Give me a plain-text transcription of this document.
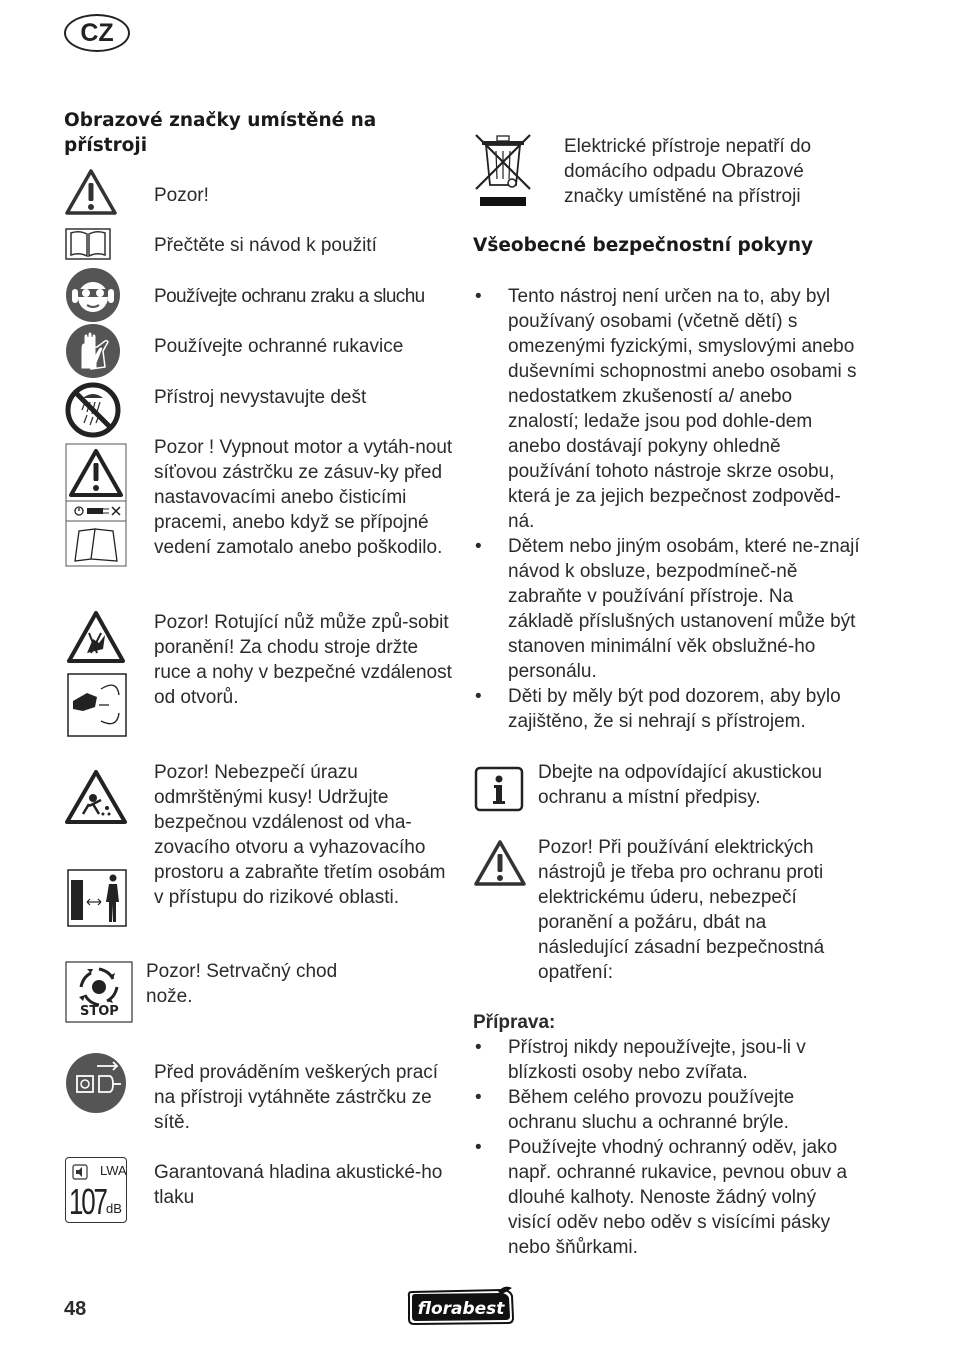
CZ
Obrazové značky umístěné na přístroji
Pozor!
Přečtěte si návod k použití
Používejte ochranu zraku a sluchu
Používejte ochranné rukavice
Přístroj nevystavujte dešt
Pozor ! Vypnout motor a vytáh-nout síťovou zástrčku ze zásuv-ky před nastavovacími anebo čisticími pracemi, anebo když se přípojné vedení zamotalo anebo poškodilo.
Pozor! Rotující nůž může způ-sobit poranění! Za chodu stroje držte ruce a nohy v bezpečné vzdálenost od otvorů.
Pozor! Nebezpečí úrazu odmrštěnými kusy! Udržujte bezpečnou vzdálenost od vha-zovacího otvoru a vyhazovacího prostoru a zabraňte třetím osobám v přístupu do rizikové oblasti.
STOP
Pozor! Setrvačný chod nože.
Před prováděním veškerých prací na přístroji vytáhněte zástrčku ze sítě.
LWA
107 dB
Garantovaná hladina akustické-ho tlaku
Elektrické přístroje nepatří do domácího odpadu Obrazové značky umístěné na přístroji
Všeobecné bezpečnostní pokyny
• Tento nástroj není určen na to, aby byl používaný osobami (včetně dětí) s omezenými fyzickými, smyslovými anebo duševními schopnostmi anebo osobami s nedostatkem zkušeností a/ anebo znalostí; ledaže jsou pod dohle-dem anebo dostávají pokyny ohledně používání tohoto nástroje skrze osobu, která je za jejich bezpečnost zodpověd-ná.
• Dětem nebo jiným osobám, které ne-znají návod k obsluze, bezpodmíneč-ně zabraňte v používání přístroje. Na základě příslušných ustanovení může být stanoven minimální věk obslužné-ho personálu.
• Děti by měly být pod dozorem, aby bylo zajištěno, že si nehrají s přístrojem.
Dbejte na odpovídající akustickou ochranu a místní předpisy.
Pozor! Při používání elektrických nástrojů je třeba pro ochranu proti elektrickému úderu, nebezpečí poranění a požáru, dbát na následující zásadní bezpečnostná opatření:
Příprava:
• Přístroj nikdy nepoužívejte, jsou-li v blízkosti osoby nebo zvířata.
• Během celého provozu používejte ochranu sluchu a ochranné brýle.
• Používejte vhodný ochranný oděv, jako např. ochranné rukavice, pevnou obuv a dlouhé kalhoty. Nenoste žádný volný visící oděv nebo oděv s visícími pásky nebo šňůrkami.
48	florabest
